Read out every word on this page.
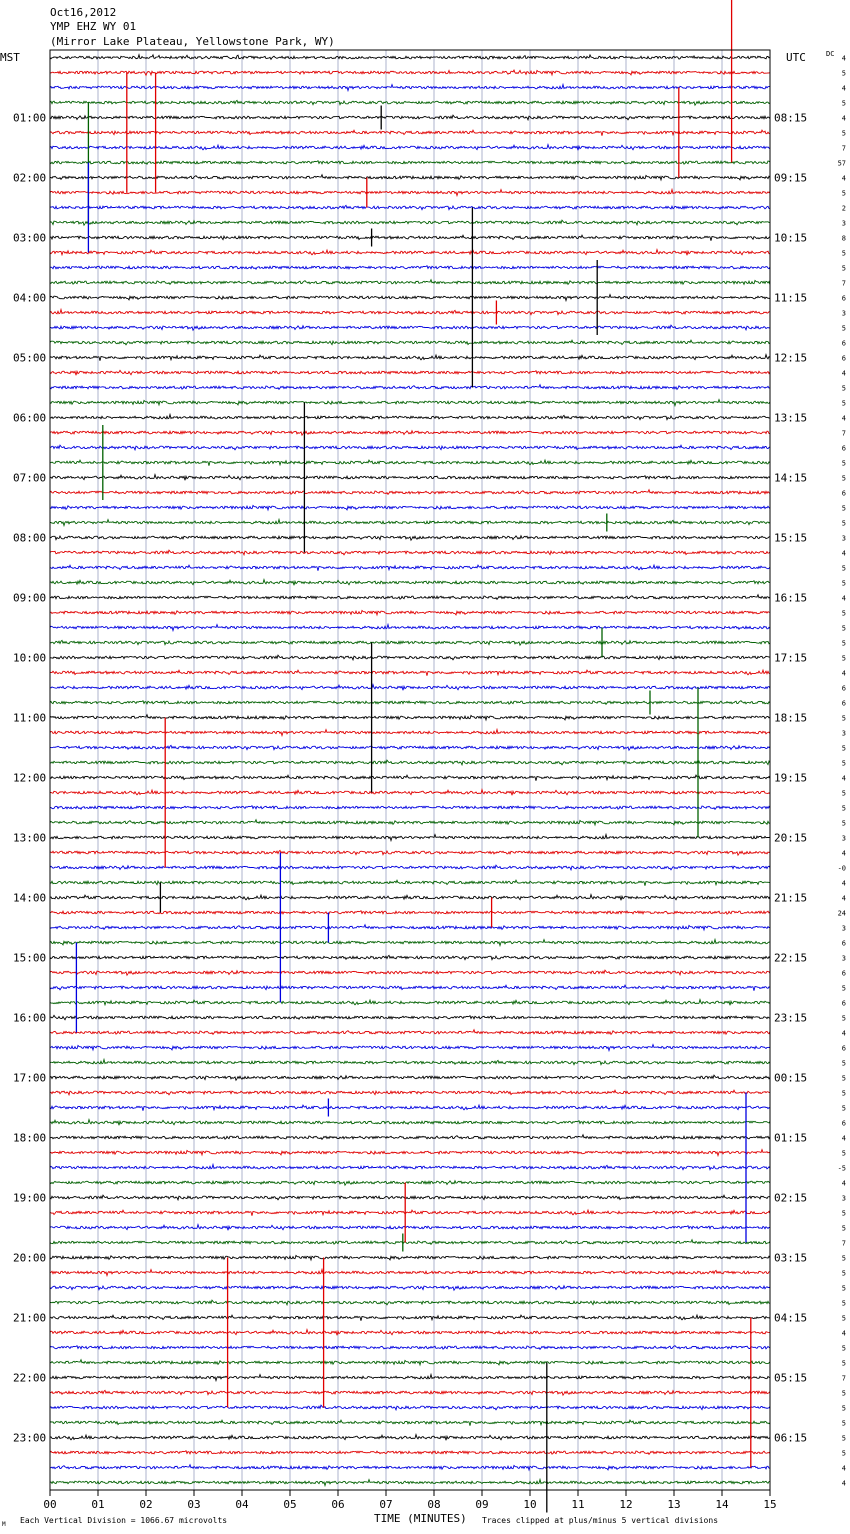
Oct16,2012
YMP EHZ WY 01
(Mirror Lake Plateau, Yellowstone Park, WY)
MST	UTC	DC
01:00	08:15
02:00	09:15
03:00	10:15
04:00	11:15
05:00	12:15
06:00	13:15
07:00	14:15
08:00	15:15
09:00	16:15
10:00	17:15
11:00	18:15
12:00	19:15
13:00	20:15
14:00	21:15
15:00	22:15
16:00	23:15
17:00	00:15
18:00	01:15
19:00	02:15
20:00	03:15
21:00	04:15
22:00	05:15
23:00	06:15
4
5
4
5
4
5
7
57
4
5
2
3
8
5
5
7
6
3
5
6
6
4
5
5
4
7
6
5
5
6
5
5
3
4
5
5
4
5
5
5
5
4
6
6
5
3
5
5
4
5
5
5
3
4
-0
4
4
24
3
6
3
6
5
6
5
4
6
5
5
5
5
6
4
5
-5
4
3
5
5
7
5
5
5
5
5
4
5
5
7
5
5
5
5
5
4
4
00	01	02	03	04	05	06	07	08	09	10	11	12	13	14	15
M Each Vertical Division = 1066.67 microvolts	TIME (MINUTES) Traces clipped at plus/minus 5 vertical divisions
